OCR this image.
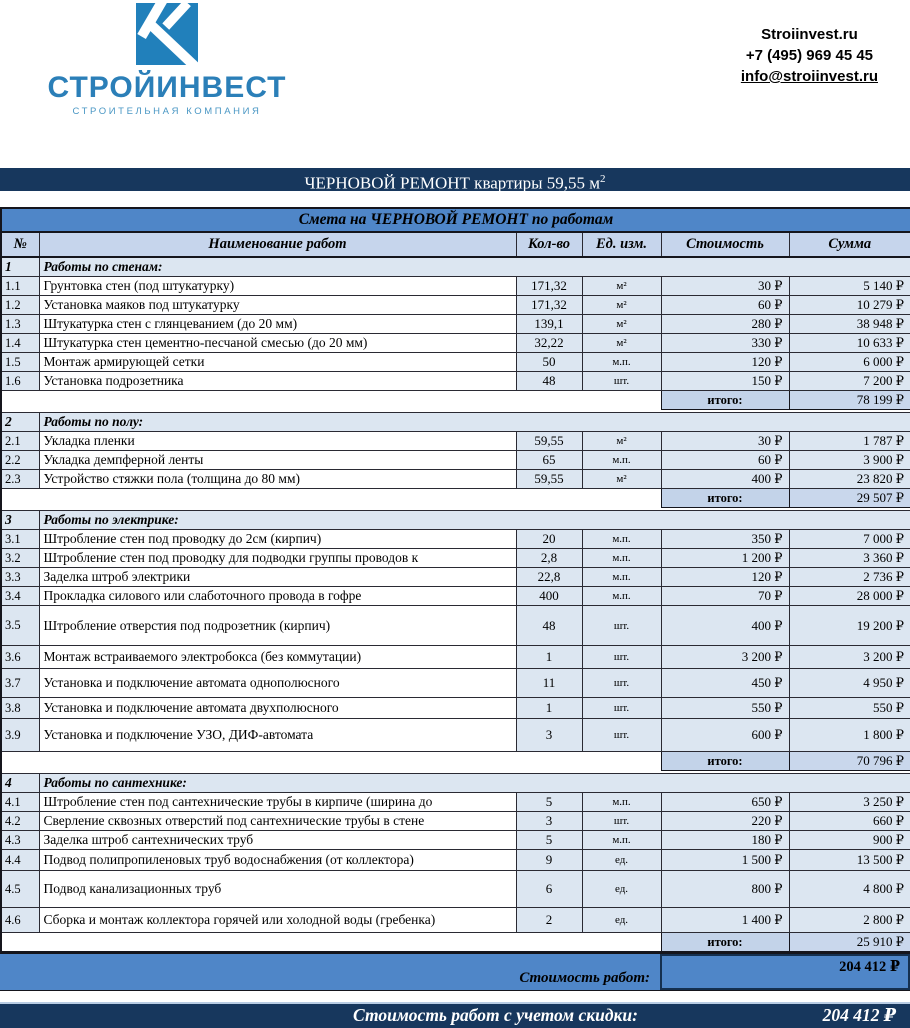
СТРОЙИНВЕСТ
СТРОИТЕЛЬНАЯ КОМПАНИЯ
Stroiinvest.ru
+7 (495) 969 45 45
info@stroiinvest.ru
ЧЕРНОВОЙ РЕМОНТ квартиры 59,55 $м^2$
Смета на ЧЕРНОВОЙ РЕМОНТ по работам					
№	Наименование работ	Кол-во	Ед. изм.	Стоимость	Сумма
1	Работы по стенам:				
1.1	Грунтовка стен (под штукатурку)	171,32	м²	30 ₽	5 140 ₽
1.2	Установка маяков под штукатурку	171,32	м²	60 ₽	10 279 ₽
1.3	Штукатурка стен с глянцеванием (до 20 мм)	139,1	м²	280 ₽	38 948 ₽
1.4	Штукатурка стен цементно-песчаной смесью (до 20 мм)	32,22	м²	330 ₽	10 633 ₽
1.5	Монтаж армирующей сетки	50	м.п.	120 ₽	6 000 ₽
1.6	Установка подрозетника	48	шт.	150 ₽	7 200 ₽
				итого:	78 199 ₽

2	Работы по полу:				
2.1	Укладка пленки	59,55	м²	30 ₽	1 787 ₽
2.2	Укладка демпферной ленты	65	м.п.	60 ₽	3 900 ₽
2.3	Устройство стяжки пола (толщина до 80 мм)	59,55	м²	400 ₽	23 820 ₽
				итого:	29 507 ₽

3	Работы по электрике:				
3.1	Штробление стен под проводку до 2см (кирпич)	20	м.п.	350 ₽	7 000 ₽
3.2	Штробление стен под проводку для подводки группы проводов к	2,8	м.п.	1 200 ₽	3 360 ₽
3.3	Заделка штроб электрики	22,8	м.п.	120 ₽	2 736 ₽
3.4	Прокладка силового или слаботочного провода в гофре	400	м.п.	70 ₽	28 000 ₽
3.5	Штробление отверстия под подрозетник (кирпич)	48	шт.	400 ₽	19 200 ₽
3.6	Монтаж встраиваемого электробокса (без коммутации)	1	шт.	3 200 ₽	3 200 ₽
3.7	Установка и подключение автомата однополюсного	11	шт.	450 ₽	4 950 ₽
3.8	Установка и подключение автомата двухполюсного	1	шт.	550 ₽	550 ₽
3.9	Установка и подключение УЗО, ДИФ-автомата	3	шт.	600 ₽	1 800 ₽
				итого:	70 796 ₽

4	Работы по сантехнике:				
4.1	Штробление стен под сантехнические трубы в кирпиче (ширина до	5	м.п.	650 ₽	3 250 ₽
4.2	Сверление сквозных отверстий под сантехнические трубы в стене	3	шт.	220 ₽	660 ₽
4.3	Заделка штроб сантехнических труб	5	м.п.	180 ₽	900 ₽
4.4	Подвод полипропиленовых труб водоснабжения (от коллектора)	9	ед.	1 500 ₽	13 500 ₽
4.5	Подвод канализационных труб	6	ед.	800 ₽	4 800 ₽
4.6	Сборка и монтаж коллектора горячей или холодной воды (гребенка)	2	ед.	1 400 ₽	2 800 ₽
				итого:	25 910 ₽
Стоимость работ:
204 412 ₽
Стоимость работ с учетом скидки:	204 412 ₽
